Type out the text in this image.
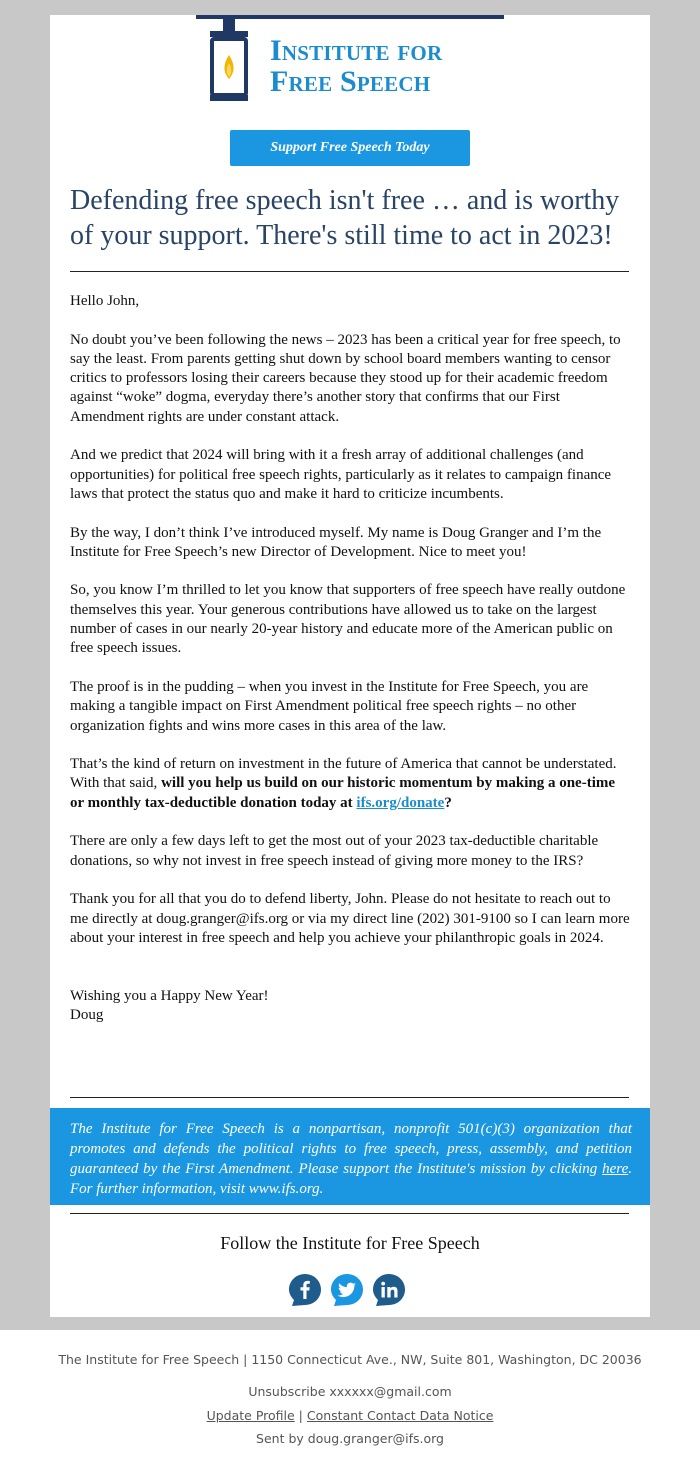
Institute for
Free Speech
Support Free Speech Today
Defending free speech isn't free … and is worthy of your support. There's still time to act in 2023!

Hello John,

No doubt you’ve been following the news – 2023 has been a critical year for free speech, to say the least. From parents getting shut down by school board members wanting to censor critics to professors losing their careers because they stood up for their academic freedom against “woke” dogma, everyday there’s another story that confirms that our First Amendment rights are under constant attack.

And we predict that 2024 will bring with it a fresh array of additional challenges (and opportunities) for political free speech rights, particularly as it relates to campaign finance laws that protect the status quo and make it hard to criticize incumbents.

By the way, I don’t think I’ve introduced myself. My name is Doug Granger and I’m the Institute for Free Speech’s new Director of Development. Nice to meet you!

So, you know I’m thrilled to let you know that supporters of free speech have really outdone themselves this year. Your generous contributions have allowed us to take on the largest number of cases in our nearly 20-year history and educate more of the American public on free speech issues.

The proof is in the pudding – when you invest in the Institute for Free Speech, you are making a tangible impact on First Amendment political free speech rights – no other organization fights and wins more cases in this area of the law.

That’s the kind of return on investment in the future of America that cannot be understated. With that said, will you help us build on our historic momentum by making a one-time or monthly tax-deductible donation today at ifs.org/donate?

There are only a few days left to get the most out of your 2023 tax-deductible charitable donations, so why not invest in free speech instead of giving more money to the IRS?

Thank you for all that you do to defend liberty, John. Please do not hesitate to reach out to me directly at doug.granger@ifs.org or via my direct line (202) 301-9100 so I can learn more about your interest in free speech and help you achieve your philanthropic goals in 2024.

Wishing you a Happy New Year!
Doug

The Institute for Free Speech is a nonpartisan, nonprofit 501(c)(3) organization that promotes and defends the political rights to free speech, press, assembly, and petition guaranteed by the First Amendment. Please support the Institute's mission by clicking here. For further information, visit www.ifs.org.

Follow the Institute for Free Speech
The Institute for Free Speech | 1150 Connecticut Ave., NW, Suite 801, Washington, DC 20036
Unsubscribe xxxxxx@gmail.com
Update Profile | Constant Contact Data Notice
Sent by doug.granger@ifs.org
